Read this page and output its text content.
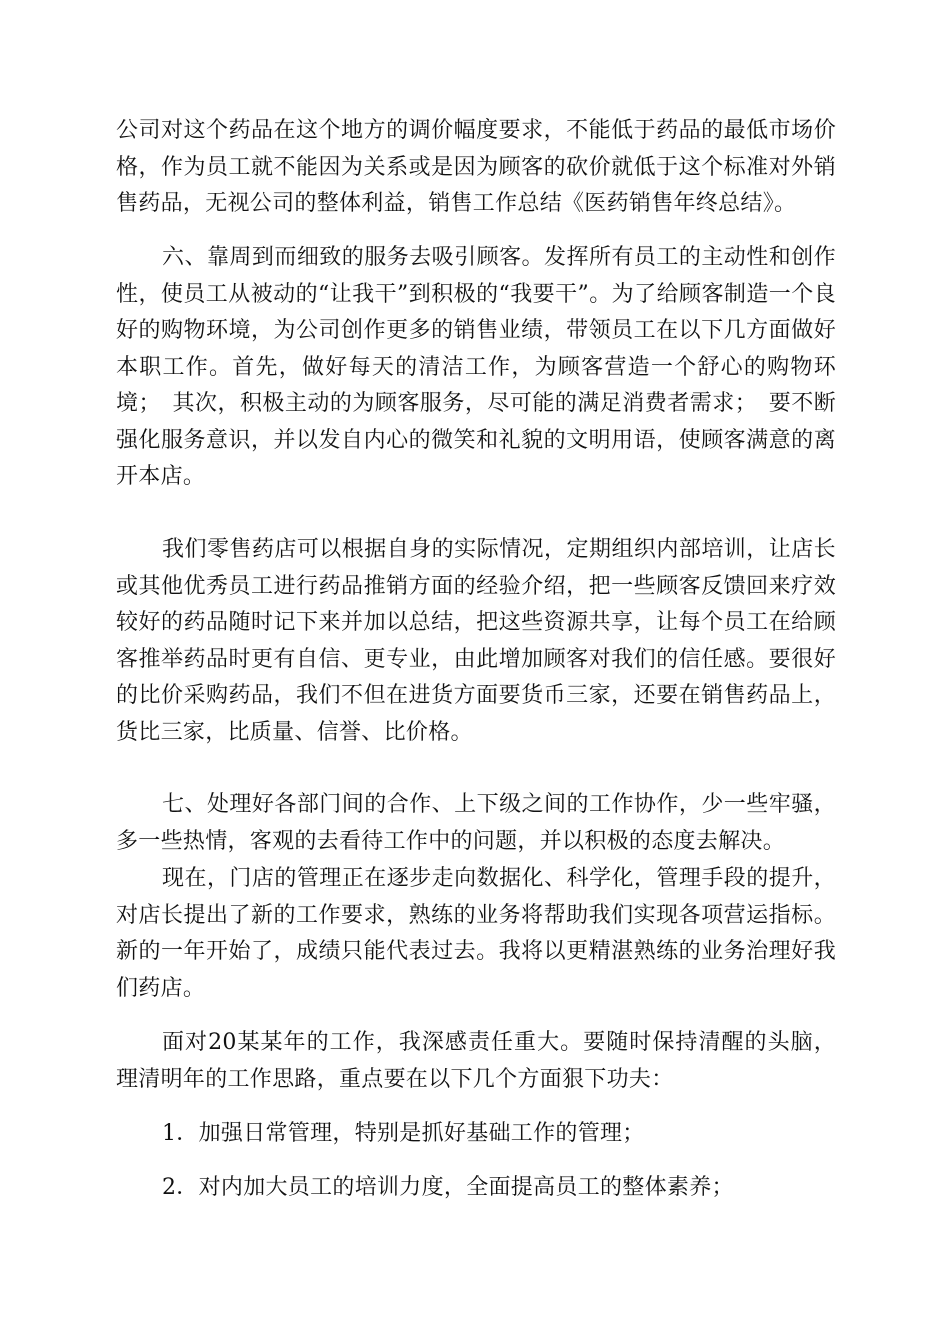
公司对这个药品在这个地方的调价幅度要求，不能低于药品的最低市场价格，作为员工就不能因为关系或是因为顾客的砍价就低于这个标准对外销售药品，无视公司的整体利益，销售工作总结《医药销售年终总结》。

六、靠周到而细致的服务去吸引顾客。发挥所有员工的主动性和创作性，使员工从被动的“让我干”到积极的“我要干”。为了给顾客制造一个良好的购物环境，为公司创作更多的销售业绩，带领员工在以下几方面做好本职工作。首先，做好每天的清洁工作，为顾客营造一个舒心的购物环境；　其次，积极主动的为顾客服务，尽可能的满足消费者需求；　要不断强化服务意识，并以发自内心的微笑和礼貌的文明用语，使顾客满意的离开本店。

我们零售药店可以根据自身的实际情况，定期组织内部培训，让店长或其他优秀员工进行药品推销方面的经验介绍，把一些顾客反馈回来疗效较好的药品随时记下来并加以总结，把这些资源共享，让每个员工在给顾客推举药品时更有自信、更专业，由此增加顾客对我们的信任感。要很好的比价采购药品，我们不但在进货方面要货币三家，还要在销售药品上，货比三家，比质量、信誉、比价格。

七、处理好各部门间的合作、上下级之间的工作协作，少一些牢骚，多一些热情，客观的去看待工作中的问题，并以积极的态度去解决。

现在，门店的管理正在逐步走向数据化、科学化，管理手段的提升，对店长提出了新的工作要求，熟练的业务将帮助我们实现各项营运指标。新的一年开始了，成绩只能代表过去。我将以更精湛熟练的业务治理好我们药店。

面对20某某年的工作，我深感责任重大。要随时保持清醒的头脑，理清明年的工作思路，重点要在以下几个方面狠下功夫：

1．加强日常管理，特别是抓好基础工作的管理；

2．对内加大员工的培训力度，全面提高员工的整体素养；
